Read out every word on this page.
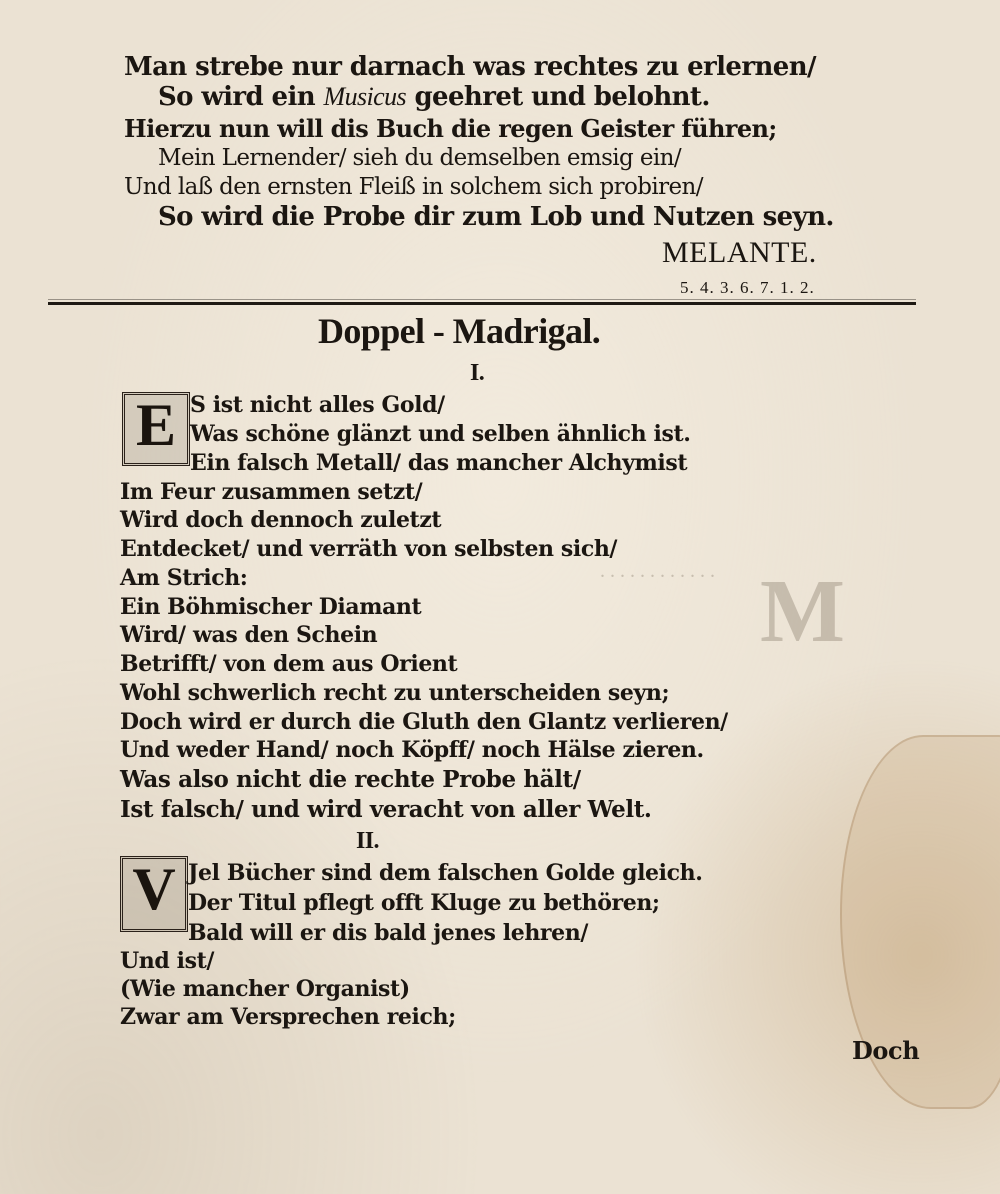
. . . . . . . . . . . . M
Man strebe nur darnach was rechtes zu erlernen/
So wird ein Musicus geehret und belohnt.
Hierzu nun will dis Buch die regen Geister führen;
Mein Lernender/ sieh du demselben emsig ein/
Und laß den ernsten Fleiß in solchem sich probiren/
So wird die Probe dir zum Lob und Nutzen seyn.
MELANTE.
5. 4. 3. 6. 7. 1. 2.
Doppel - Madrigal.
I.
E S ist nicht alles Gold/
Was schöne glänzt und selben ähnlich ist.
Ein falsch Metall/ das mancher Alchymist
Im Feur zusammen setzt/
Wird doch dennoch zuletzt
Entdecket/ und verräth von selbsten sich/
Am Strich:
Ein Böhmischer Diamant
Wird/ was den Schein
Betrifft/ von dem aus Orient
Wohl schwerlich recht zu unterscheiden seyn;
Doch wird er durch die Gluth den Glantz verlieren/
Und weder Hand/ noch Köpff/ noch Hälse zieren.
Was also nicht die rechte Probe hält/
Ist falsch/ und wird veracht von aller Welt.
II.
V Jel Bücher sind dem falschen Golde gleich.
Der Titul pflegt offt Kluge zu bethören;
Bald will er dis bald jenes lehren/
Und ist/
(Wie mancher Organist)
Zwar am Versprechen reich;
Doch
